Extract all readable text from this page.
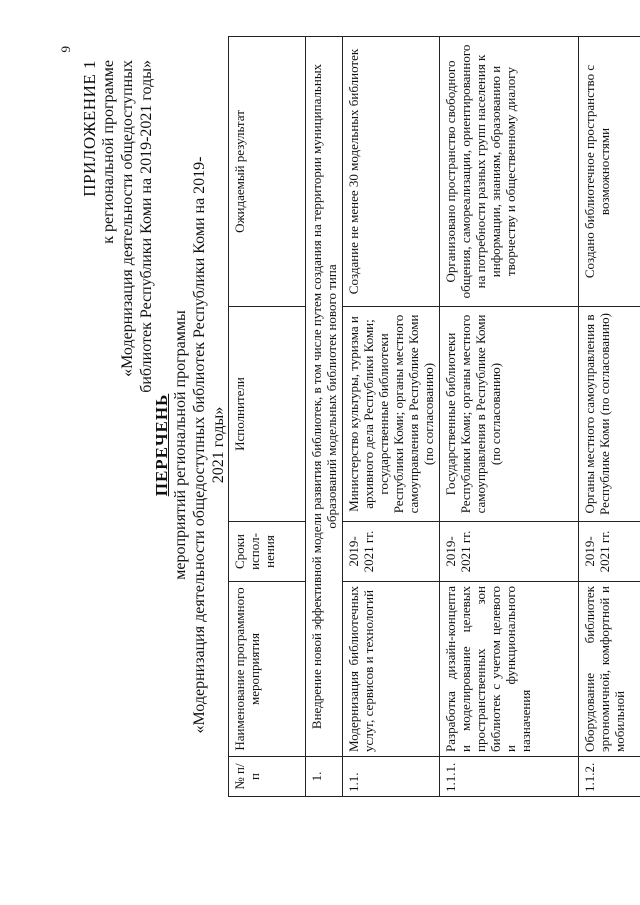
9
ПРИЛОЖЕНИЕ 1 к региональной программе «Модернизация деятельности общедоступных библиотек Республики Коми на 2019-2021 годы»
ПЕРЕЧЕНЬ мероприятий региональной программы «Модернизация деятельности общедоступных библиотек Республики Коми на 2019-2021 годы»
№ п/п	Наименование программного мероприятия	Сроки испол-нения	Исполнители	Ожидаемый результат
1.	Внедрение новой эффективной модели развития библиотек, в том числе путем создания на территории муниципальных образований модельных библиотек нового типа			
1.1.	Модернизация библиотечных услуг, сервисов и технологий	2019-2021 гг.	Министерство культуры, туризма и архивного дела Республики Коми; государственные библиотеки Республики Коми; органы местного самоуправления в Республике Коми (по согласованию)	Создание не менее 30 модельных библиотек
1.1.1.	Разработка дизайн-концепта и моделирование целевых пространственных зон библиотек с учетом целевого и функционального назначения	2019-2021 гг.	Государственные библиотеки Республики Коми; органы местного самоуправления в Республике Коми (по согласованию)	Организовано пространство свободного общения, самореализации, ориентированного на потребности разных групп населения к информации, знаниям, образованию и творчеству и общественному диалогу
1.1.2.	Оборудование библиотек эргономичной, комфортной и мобильной	2019-2021 гг.	Органы местного самоуправления в Республике Коми (по согласованию)	Создано библиотечное пространство с возможностями
